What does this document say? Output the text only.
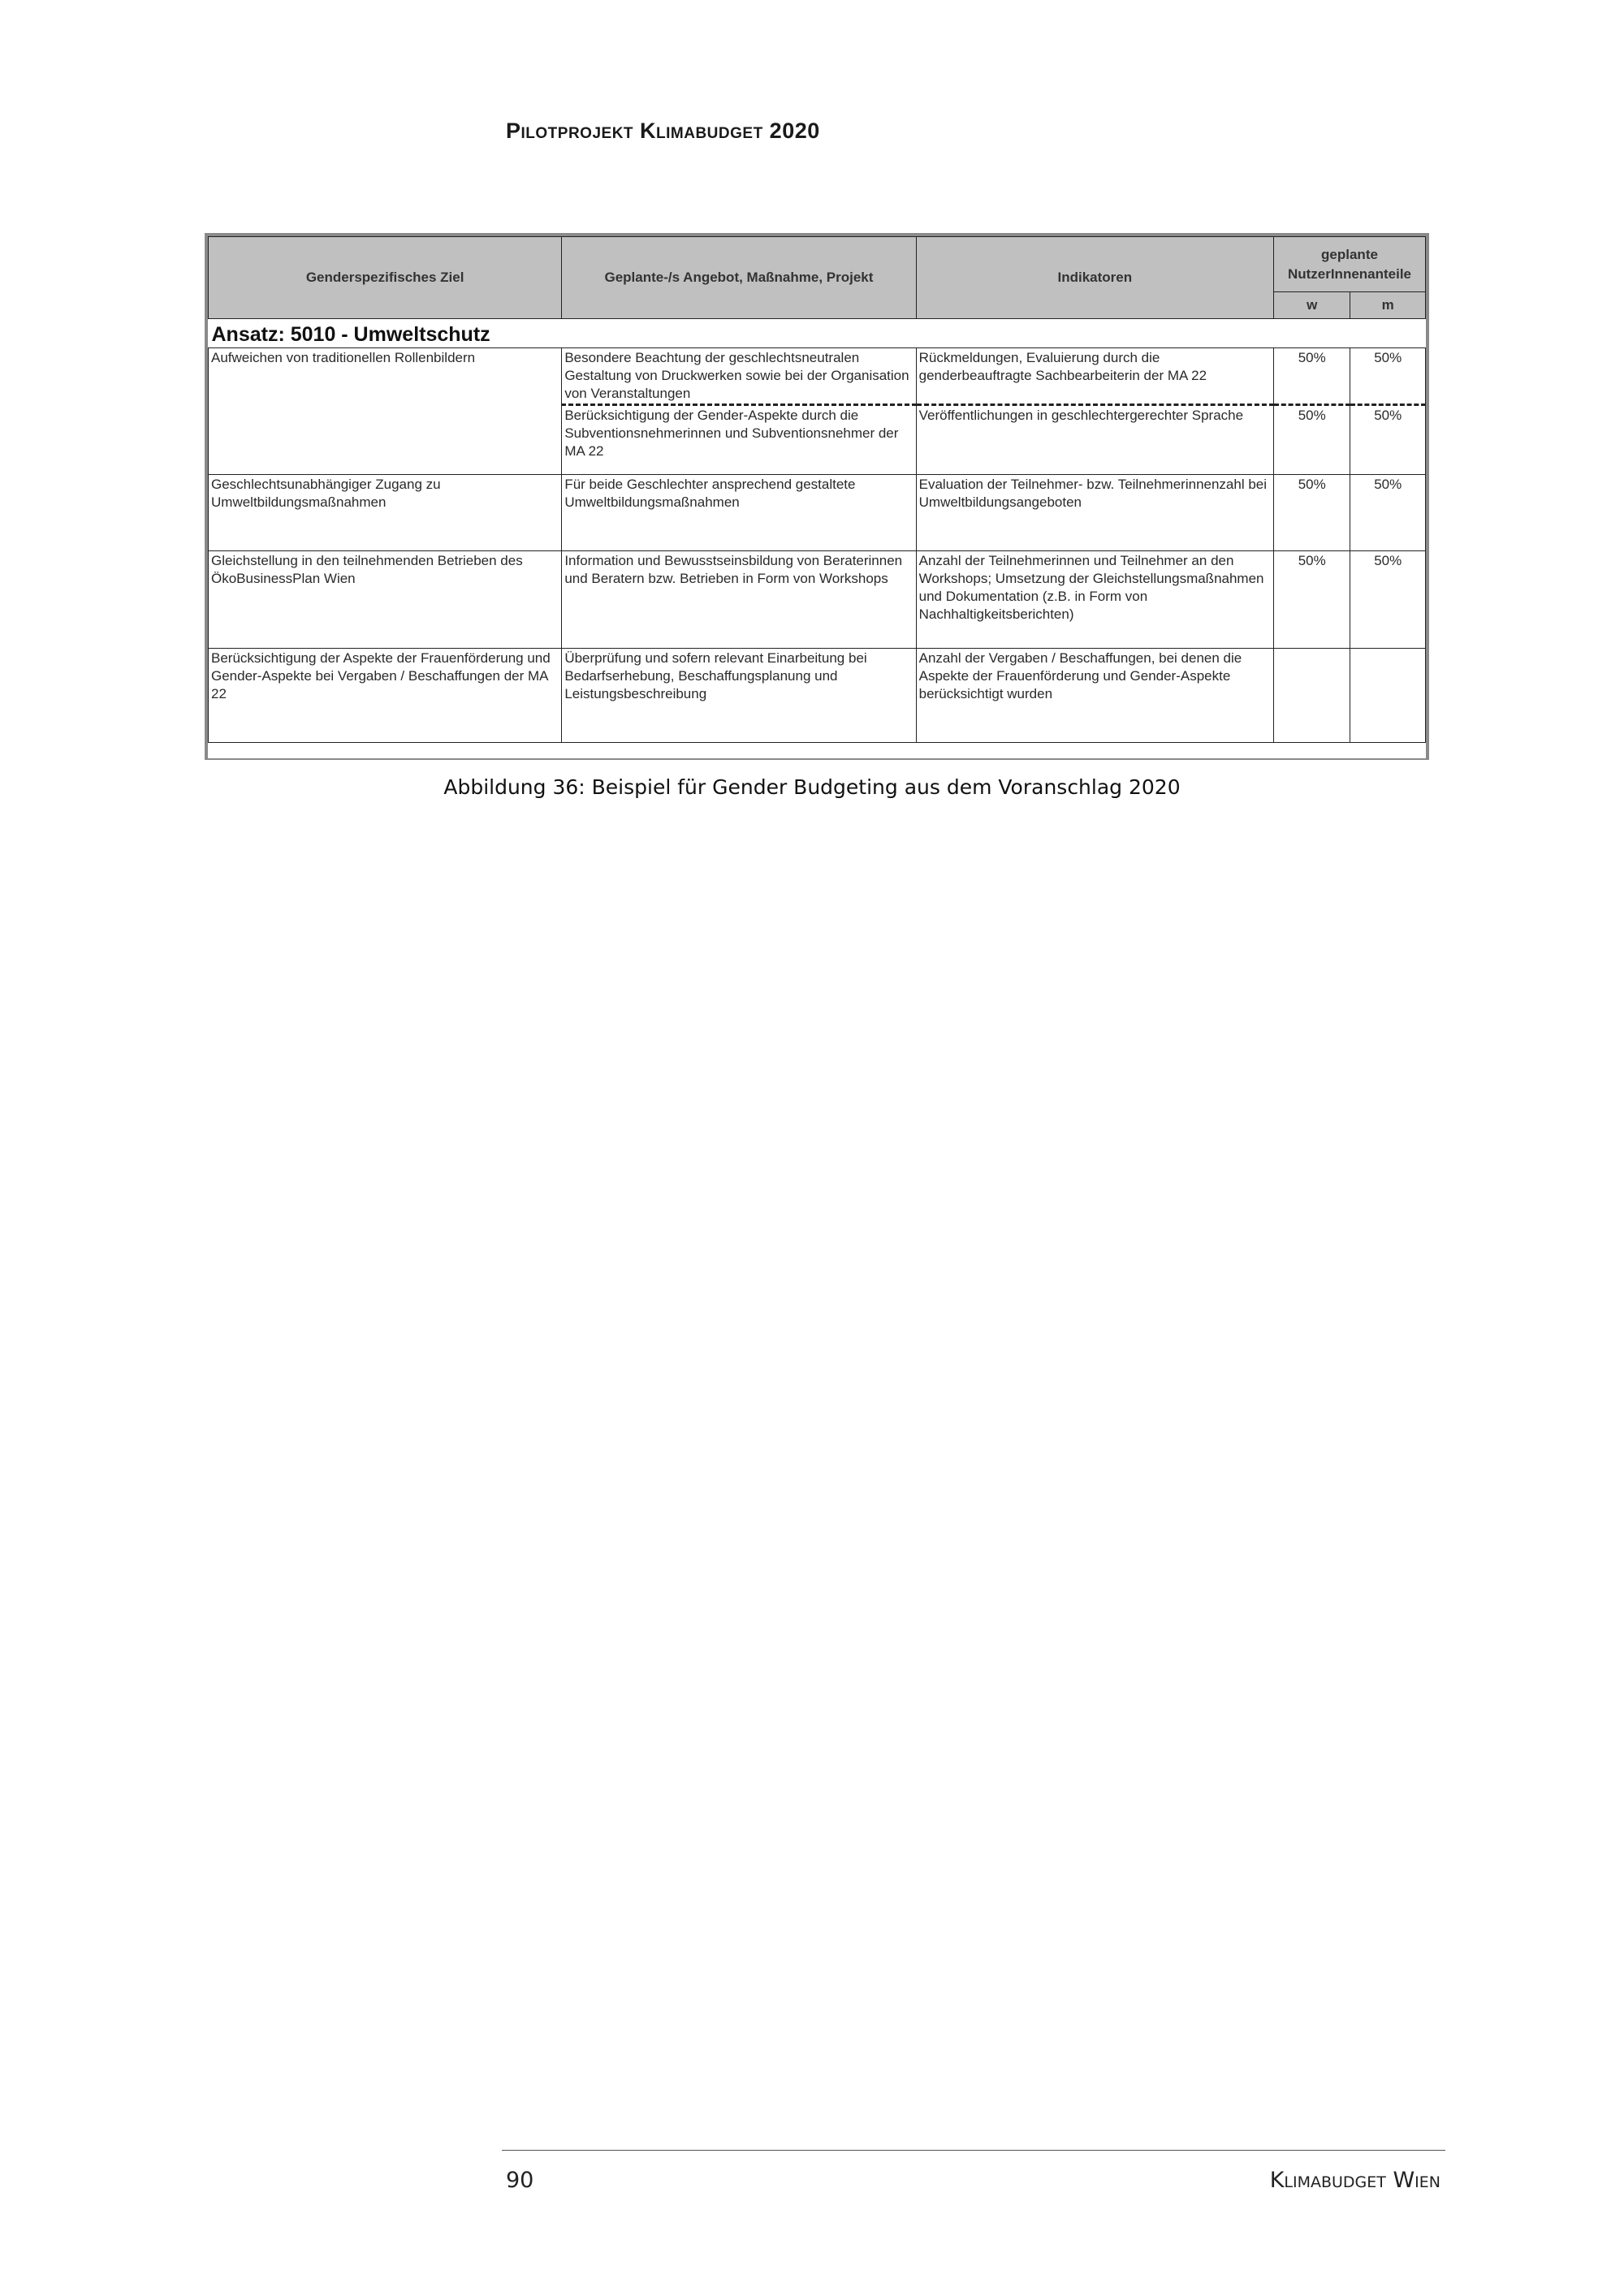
Pilotprojekt Klimabudget 2020
Genderspezifisches Ziel	Geplante-/s Angebot, Maßnahme, Projekt	Indikatoren	geplante NutzerInnenanteile	
			w	m
Ansatz: 5010 - Umweltschutz				
Aufweichen von traditionellen Rollenbildern	Besondere Beachtung der geschlechtsneutralen Gestaltung von Druckwerken sowie bei der Organisation von Veranstaltungen	Rückmeldungen, Evaluierung durch die genderbeauftragte Sachbearbeiterin der MA 22	50%	50%
	Berücksichtigung der Gender-Aspekte durch die Subventionsnehmerinnen und Subventionsnehmer der MA 22	Veröffentlichungen in geschlechtergerechter Sprache	50%	50%
Geschlechtsunabhängiger Zugang zu Umweltbildungsmaßnahmen	Für beide Geschlechter ansprechend gestaltete Umweltbildungsmaßnahmen	Evaluation der Teilnehmer- bzw. Teilnehmerinnenzahl bei Umweltbildungsangeboten	50%	50%
Gleichstellung in den teilnehmenden Betrieben des ÖkoBusinessPlan Wien	Information und Bewusstseinsbildung von Beraterinnen und Beratern bzw. Betrieben in Form von Workshops	Anzahl der Teilnehmerinnen und Teilnehmer an den Workshops; Umsetzung der Gleichstellungsmaßnahmen und Dokumentation (z.B. in Form von Nachhaltigkeitsberichten)	50%	50%
Berücksichtigung der Aspekte der Frauenförderung und Gender-Aspekte bei Vergaben / Beschaffungen der MA 22	Überprüfung und sofern relevant Einarbeitung bei Bedarfserhebung, Beschaffungsplanung und Leistungsbeschreibung	Anzahl der Vergaben / Beschaffungen, bei denen die Aspekte der Frauenförderung und Gender-Aspekte berücksichtigt wurden		
Abbildung 36: Beispiel für Gender Budgeting aus dem Voranschlag 2020
90	Klimabudget Wien
